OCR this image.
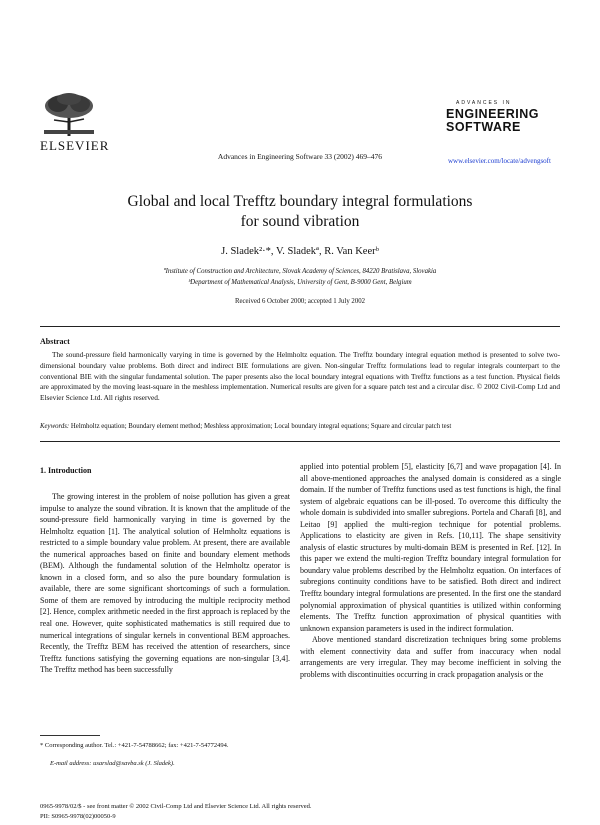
ELSEVIER
Advances in Engineering Software 33 (2002) 469–476
ADVANCES IN
ENGINEERING
SOFTWARE
www.elsevier.com/locate/advengsoft
Global and local Trefftz boundary integral formulations
for sound vibration
J. Sladek²·*, V. Sladekª, R. Van Keerᵇ
ªInstitute of Construction and Architecture, Slovak Academy of Sciences, 84220 Bratislava, Slovakia
ᵇDepartment of Mathematical Analysis, University of Gent, B-9000 Gent, Belgium
Received 6 October 2000; accepted 1 July 2002
Abstract
The sound-pressure field harmonically varying in time is governed by the Helmholtz equation. The Trefftz boundary integral equation method is presented to solve two-dimensional boundary value problems. Both direct and indirect BIE formulations are given. Non-singular Trefftz formulations lead to regular integrals counterpart to the conventional BIE with the singular fundamental solution. The paper presents also the local boundary integral equations with Trefftz functions as a test function. Physical fields are approximated by the moving least-square in the meshless implementation. Numerical results are given for a square patch test and a circular disc. © 2002 Civil-Comp Ltd and Elsevier Science Ltd. All rights reserved.
Keywords: Helmholtz equation; Boundary element method; Meshless approximation; Local boundary integral equations; Square and circular patch test
1. Introduction
The growing interest in the problem of noise pollution has given a great impulse to analyze the sound vibration. It is known that the amplitude of the sound-pressure field harmonically varying in time is governed by the Helmholtz equation [1]. The analytical solution of Helmholtz equations is restricted to a simple boundary value problem. At present, there are available the numerical approaches based on finite and boundary element methods (BEM). Although the fundamental solution of the Helmholtz operator is known in a closed form, and so also the pure boundary formulation is available, there are some significant shortcomings of such a formulation. Some of them are removed by introducing the multiple reciprocity method [2]. Hence, complex arithmetic needed in the first approach is replaced by the real one. However, quite sophisticated mathematics is still required due to numerical integrations of singular kernels in conventional BEM approaches. Recently, the Trefftz BEM has received the attention of researchers, since Trefftz functions satisfying the governing equations are non-singular [3,4]. The Trefftz method has been successfully
applied into potential problem [5], elasticity [6,7] and wave propagation [4]. In all above-mentioned approaches the analysed domain is considered as a single domain. If the number of Trefftz functions used as test functions is high, the final system of algebraic equations can be ill-posed. To overcome this difficulty the whole domain is subdivided into smaller subregions. Portela and Charafi [8], and Leitao [9] applied the multi-region technique for potential problems. Applications to elasticity are given in Refs. [10,11]. The shape sensitivity analysis of elastic structures by multi-domain BEM is presented in Ref. [12]. In this paper we extend the multi-region Trefftz boundary integral formulation for boundary value problems described by the Helmholtz equation. On interfaces of subregions continuity conditions have to be satisfied. Both direct and indirect Trefftz boundary integral formulations are presented. In the first one the standard polynomial approximation of physical quantities is utilized within conforming elements. The Trefftz function approximation of physical quantities with unknown expansion parameters is used in the indirect formulation.
Above mentioned standard discretization techniques bring some problems with element connectivity data and suffer from inaccuracy when nodal arrangements are very irregular. They may become inefficient in solving the problems with discontinuities occurring in crack propagation analysis or the
* Corresponding author. Tel.: +421-7-54788662; fax: +421-7-54772494.
E-mail address: usarslad@savba.sk (J. Sladek).
0965-9978/02/$ - see front matter © 2002 Civil-Comp Ltd and Elsevier Science Ltd. All rights reserved.
PII: S0965-9978(02)00050-9
